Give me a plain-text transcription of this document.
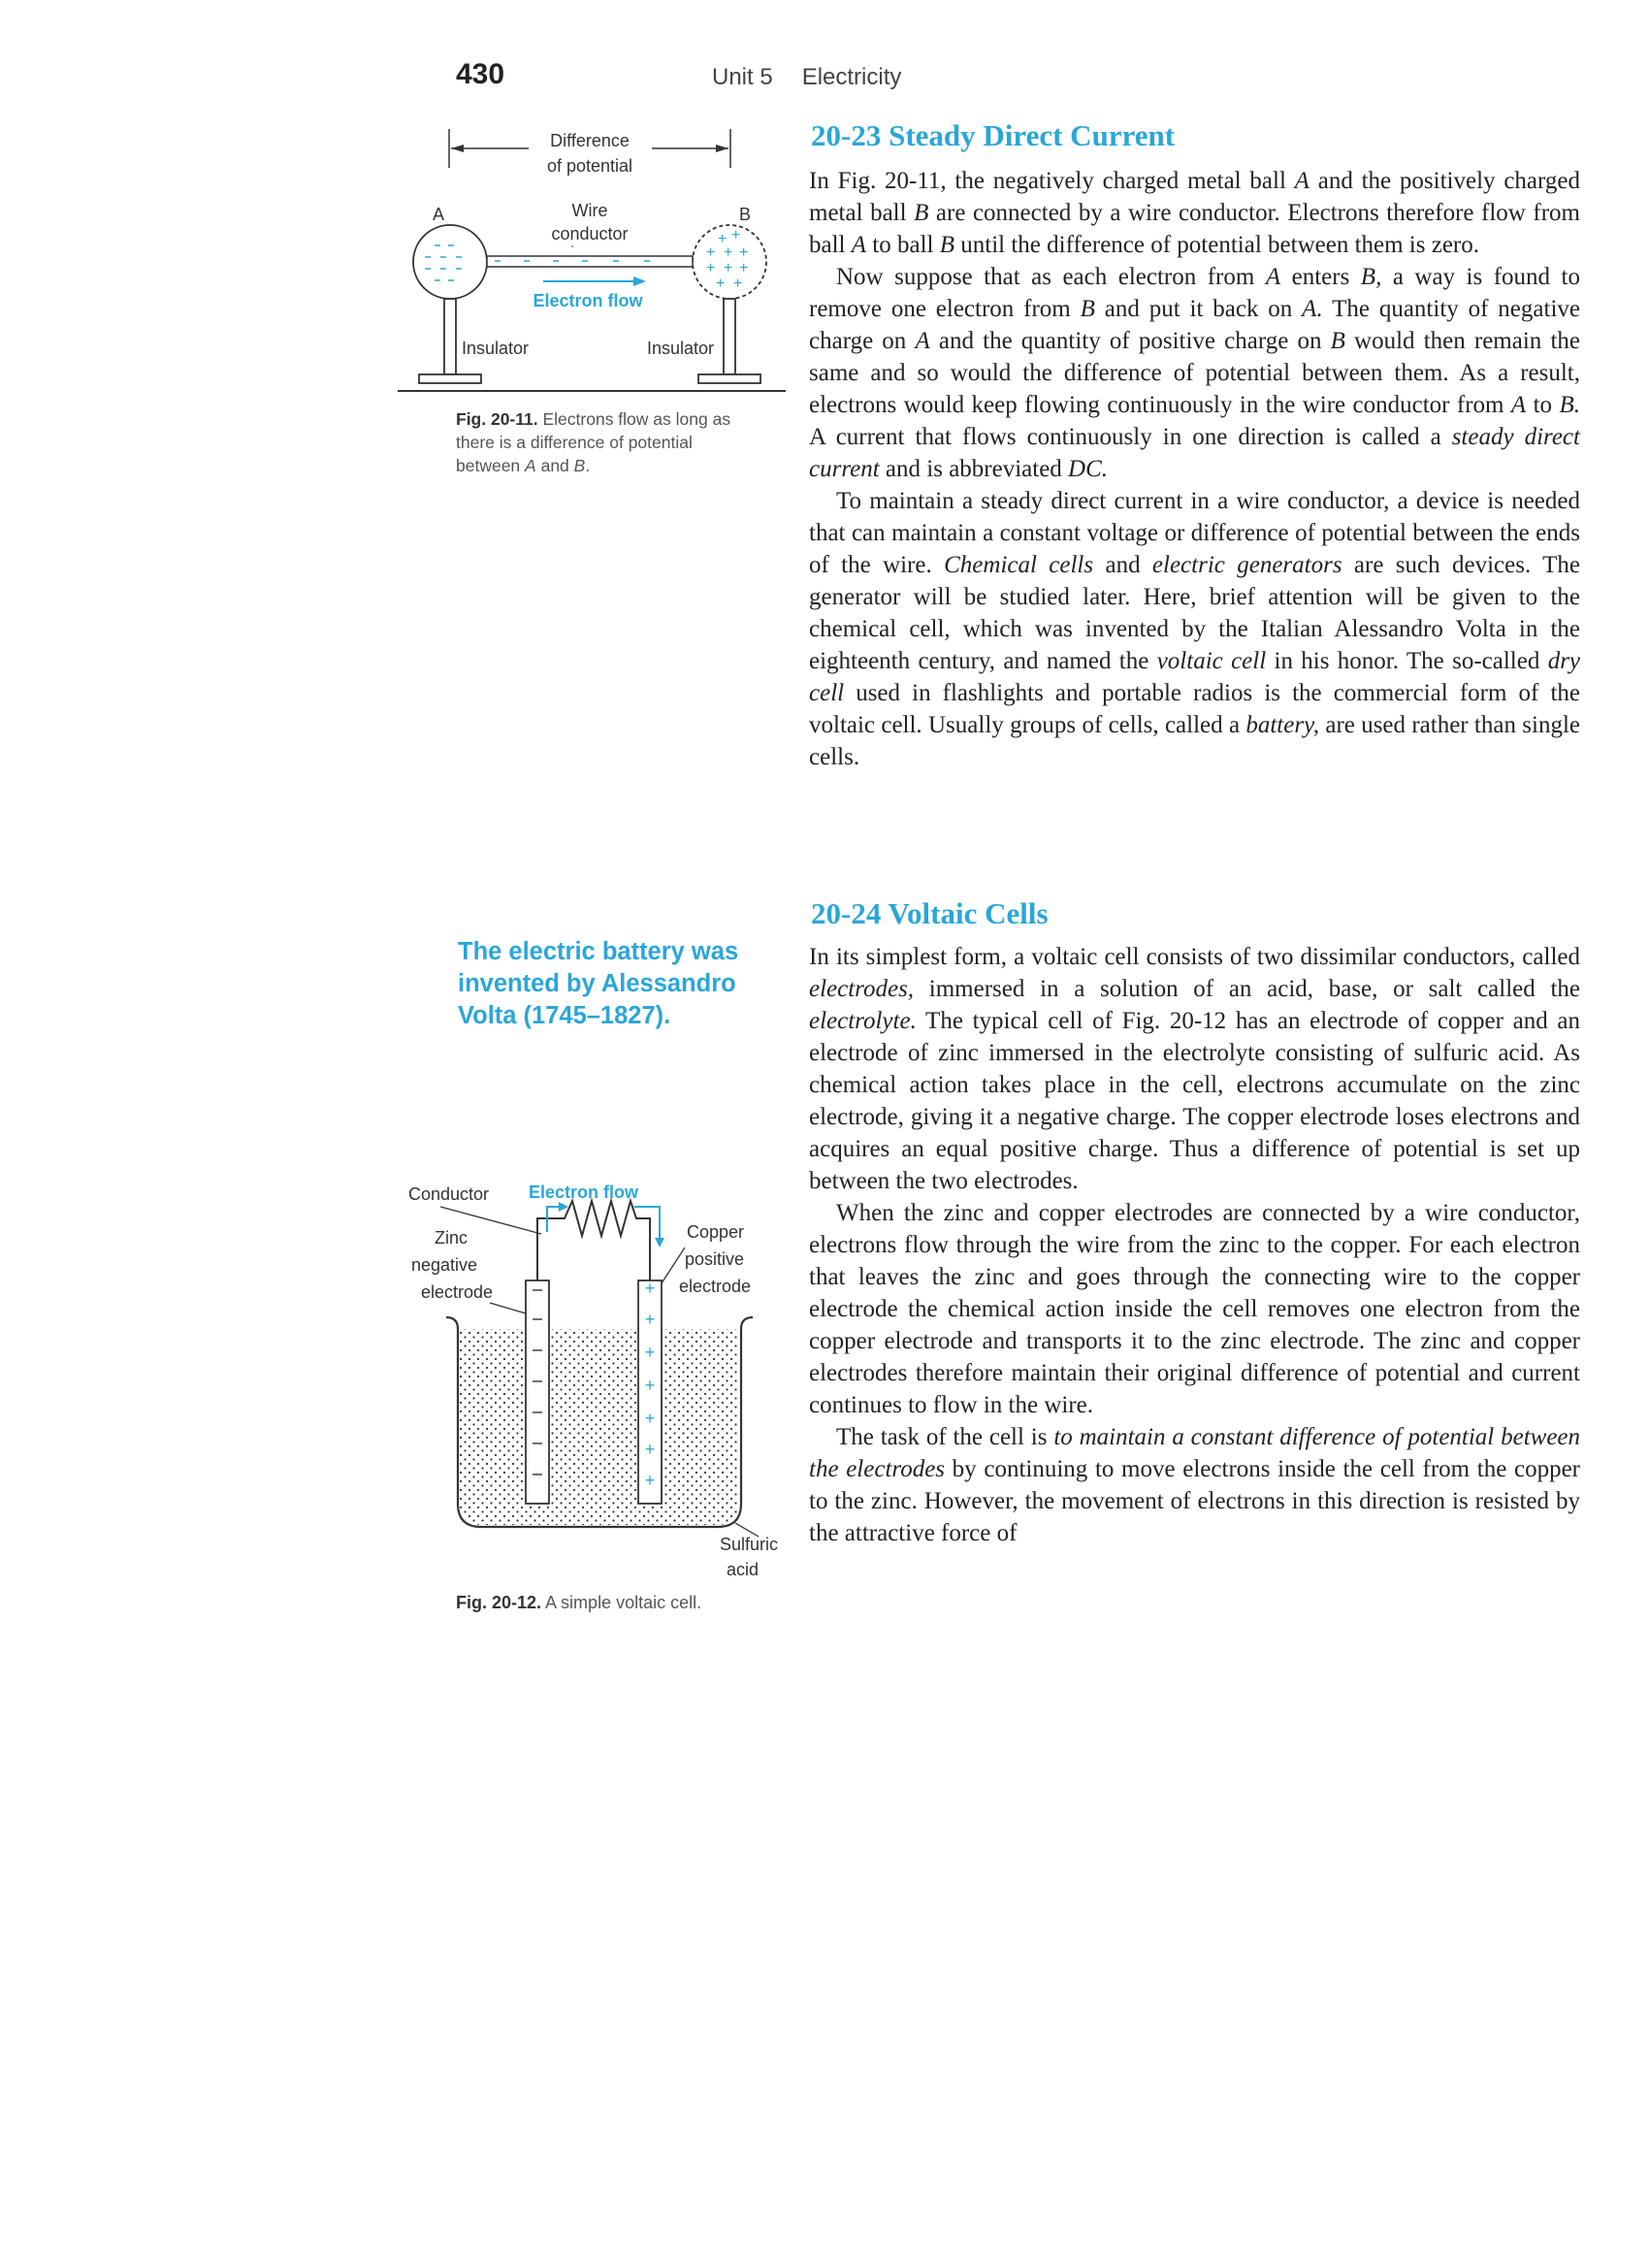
430	Unit 5 Electricity
Difference
of potential
Wire
conductor
A	B
+ +
+ + +
+ + +
+ +
Electron flow
Insulator	Insulator
Fig. 20-11. Electrons flow as long as there is a difference of potential between A and B.
The electric battery was invented by Alessandro Volta (1745–1827).
Conductor Electron flow
Zinc
negative
electrode
Copper
positive
electrode
Sulfuric
acid
+
+
+
+
+
+
+
Fig. 20-12. A simple voltaic cell.
20-23 Steady Direct Current

In Fig. 20-11, the negatively charged metal ball A and the positively charged metal ball B are connected by a wire conductor. Electrons therefore flow from ball A to ball B until the difference of potential between them is zero.

Now suppose that as each electron from A enters B, a way is found to remove one electron from B and put it back on A. The quantity of negative charge on A and the quantity of positive charge on B would then remain the same and so would the difference of potential between them. As a result, electrons would keep flowing continuously in the wire conductor from A to B. A current that flows continuously in one direction is called a steady direct current and is abbreviated DC.

To maintain a steady direct current in a wire conductor, a device is needed that can maintain a constant voltage or difference of potential between the ends of the wire. Chemical cells and electric generators are such devices. The generator will be studied later. Here, brief attention will be given to the chemical cell, which was invented by the Italian Alessandro Volta in the eighteenth century, and named the voltaic cell in his honor. The so-called dry cell used in flashlights and portable radios is the commercial form of the voltaic cell. Usually groups of cells, called a battery, are used rather than single cells.

20-24 Voltaic Cells

In its simplest form, a voltaic cell consists of two dissimilar conductors, called electrodes, immersed in a solution of an acid, base, or salt called the electrolyte. The typical cell of Fig. 20-12 has an electrode of copper and an electrode of zinc immersed in the electrolyte consisting of sulfuric acid. As chemical action takes place in the cell, electrons accumulate on the zinc electrode, giving it a negative charge. The copper electrode loses electrons and acquires an equal positive charge. Thus a difference of potential is set up between the two electrodes.

When the zinc and copper electrodes are connected by a wire conductor, electrons flow through the wire from the zinc to the copper. For each electron that leaves the zinc and goes through the connecting wire to the copper electrode the chemical action inside the cell removes one electron from the copper electrode and transports it to the zinc electrode. The zinc and copper electrodes therefore maintain their original difference of potential and current continues to flow in the wire.

The task of the cell is to maintain a constant difference of potential between the electrodes by continuing to move electrons inside the cell from the copper to the zinc. However, the movement of electrons in this direction is resisted by the attractive force of
